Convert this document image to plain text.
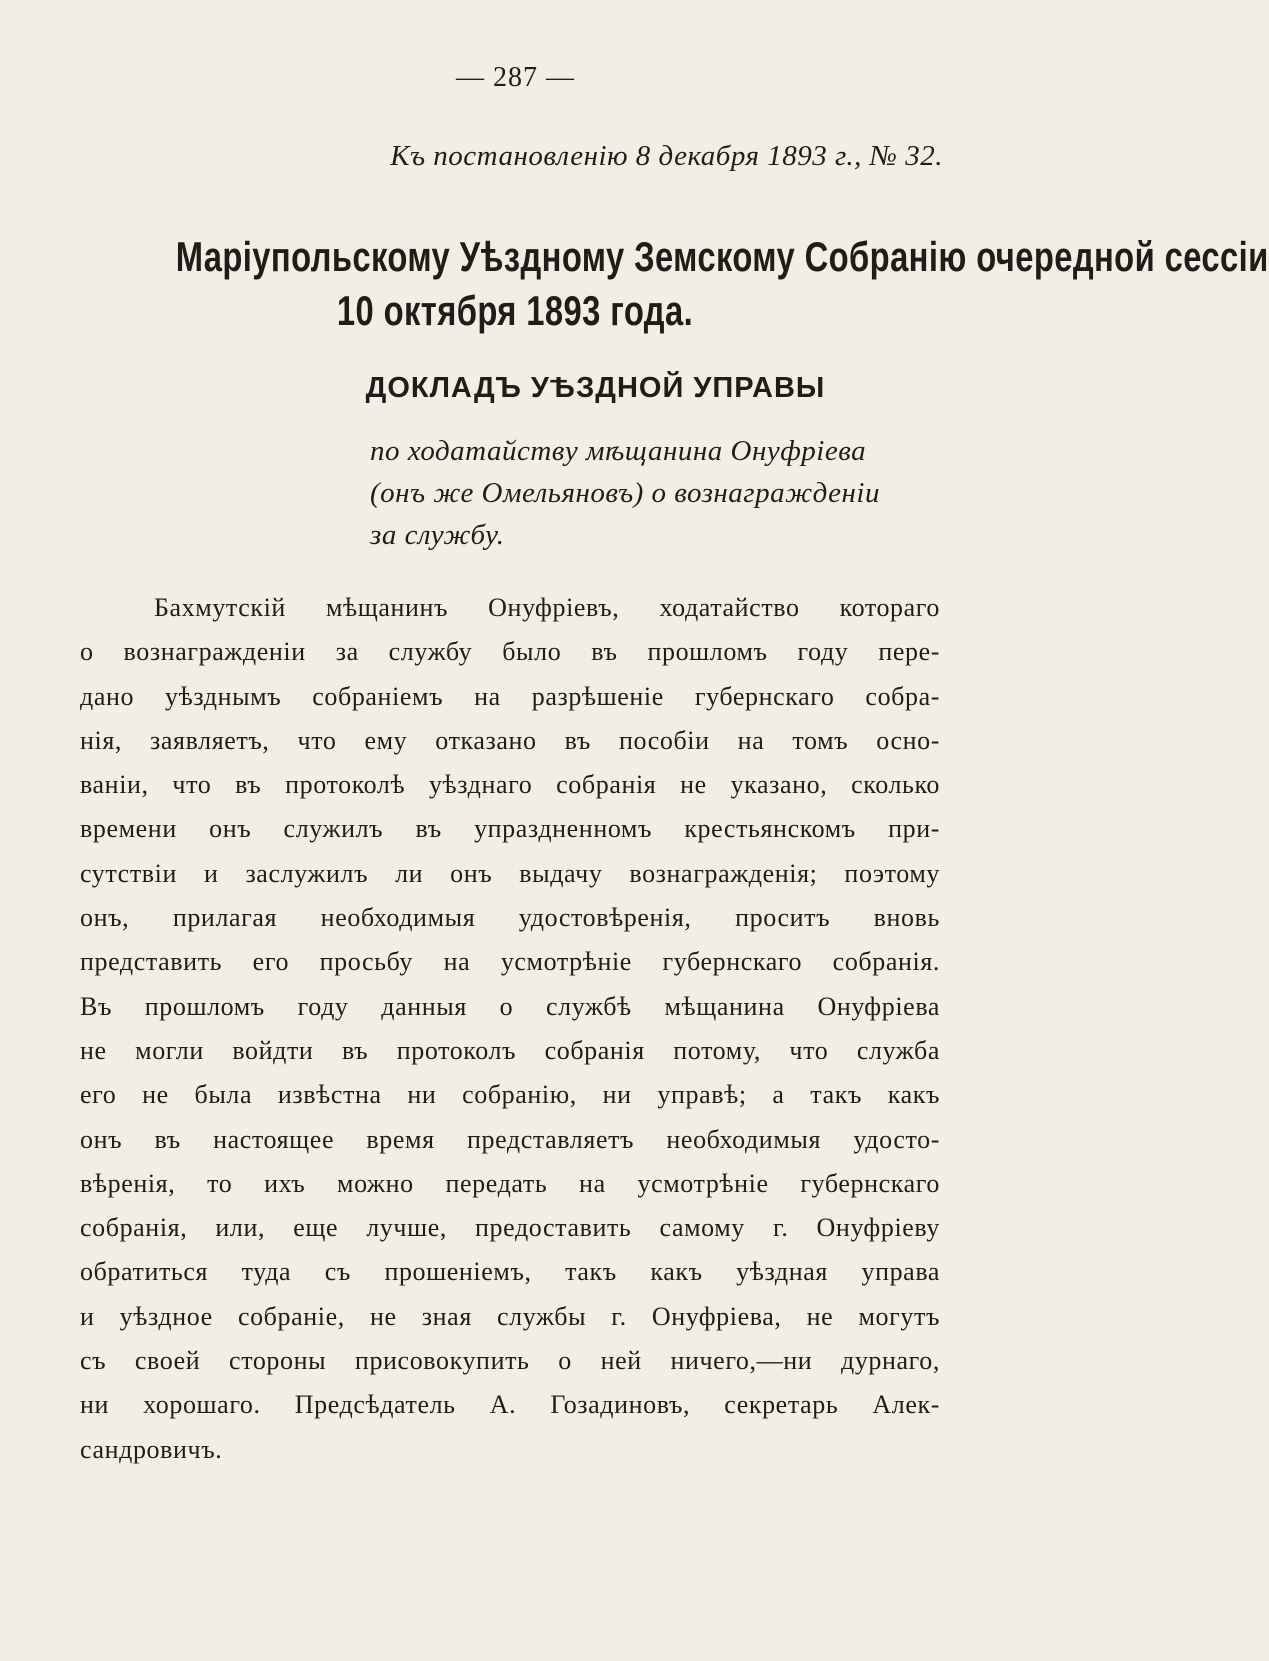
— 287 —
Къ постановленію 8 декабря 1893 г., № 32.
Маріупольскому Уѣздному Земскому Собранію очередной сессіи
10 октября 1893 года.
ДОКЛАДЪ УѢЗДНОЙ УПРАВЫ
по ходатайству мѣщанина Онуфріева
(онъ же Омельяновъ) о вознагражденіи
за службу.
Бахмутскій мѣщанинъ Онуфріевъ, ходатайство котораго
о вознагражденіи за службу было въ прошломъ году пере-
дано уѣзднымъ собраніемъ на разрѣшеніе губернскаго собра-
нія, заявляетъ, что ему отказано въ пособіи на томъ осно-
ваніи, что въ протоколѣ уѣзднаго собранія не указано, сколько
времени онъ служилъ въ упраздненномъ крестьянскомъ при-
сутствіи и заслужилъ ли онъ выдачу вознагражденія; поэтому
онъ, прилагая необходимыя удостовѣренія, проситъ вновь
представить его просьбу на усмотрѣніе губернскаго собранія.
Въ прошломъ году данныя о службѣ мѣщанина Онуфріева
не могли войдти въ протоколъ собранія потому, что служба
его не была извѣстна ни собранію, ни управѣ; а такъ какъ
онъ въ настоящее время представляетъ необходимыя удосто-
вѣренія, то ихъ можно передать на усмотрѣніе губернскаго
собранія, или, еще лучше, предоставить самому г. Онуфріеву
обратиться туда съ прошеніемъ, такъ какъ уѣздная управа
и уѣздное собраніе, не зная службы г. Онуфріева, не могутъ
съ своей стороны присовокупить о ней ничего,—ни дурнаго,
ни хорошаго. Предсѣдатель А. Гозадиновъ, секретарь Алек-
сандровичъ.
